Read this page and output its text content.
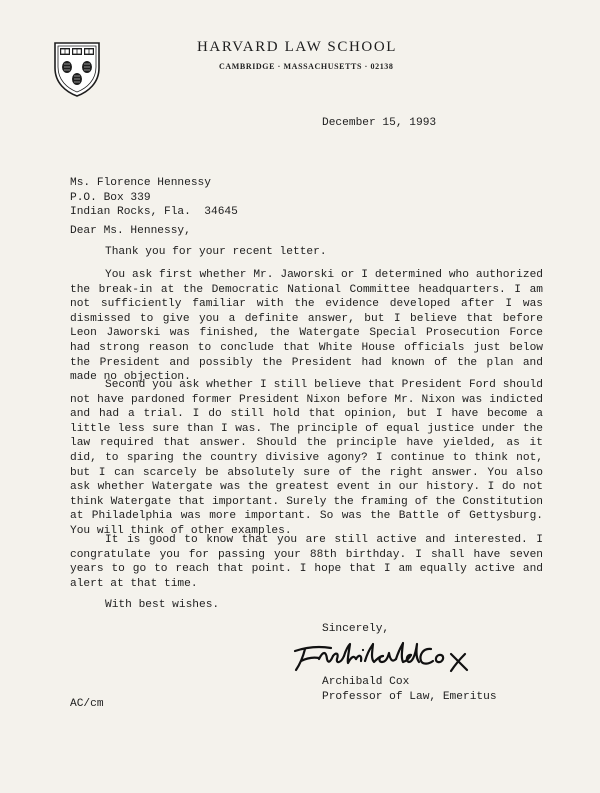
HARVARD LAW SCHOOL
CAMBRIDGE · MASSACHUSETTS · 02138
December 15, 1993
Ms. Florence Hennessy
P.O. Box 339
Indian Rocks, Fla.  34645
Dear Ms. Hennessy,
Thank you for your recent letter.
You ask first whether Mr. Jaworski or I determined who authorized the break-in at the Democratic National Committee headquarters. I am not sufficiently familiar with the evidence developed after I was dismissed to give you a definite answer, but I believe that before Leon Jaworski was finished, the Watergate Special Prosecution Force had strong reason to conclude that White House officials just below the President and possibly the President had known of the plan and made no objection.
Second you ask whether I still believe that President Ford should not have pardoned former President Nixon before Mr. Nixon was indicted and had a trial. I do still hold that opinion, but I have become a little less sure than I was. The principle of equal justice under the law required that answer. Should the principle have yielded, as it did, to sparing the country divisive agony? I continue to think not, but I can scarcely be absolutely sure of the right answer. You also ask whether Watergate was the greatest event in our history. I do not think Watergate that important. Surely the framing of the Constitution at Philadelphia was more important. So was the Battle of Gettysburg. You will think of other examples.
It is good to know that you are still active and interested. I congratulate you for passing your 88th birthday. I shall have seven years to go to reach that point. I hope that I am equally active and alert at that time.
With best wishes.
Sincerely,
Archibald Cox
Professor of Law, Emeritus
AC/cm
